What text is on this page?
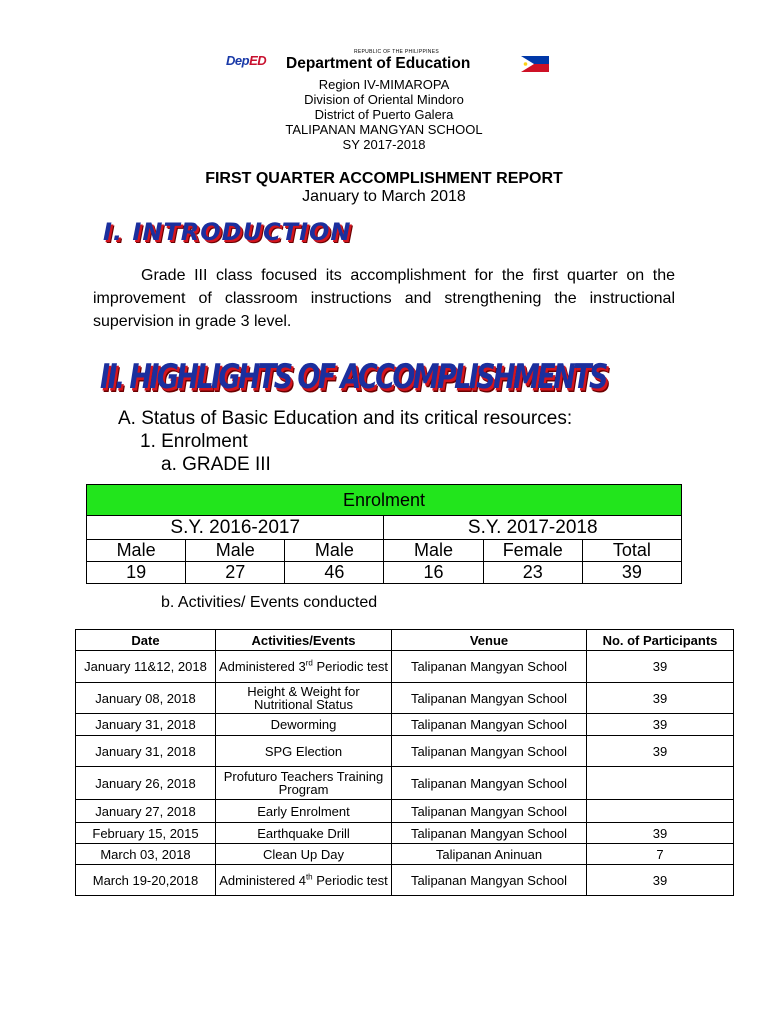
DepED
REPUBLIC OF THE PHILIPPINES
Department of Education
Region IV-MIMAROPA
Division of Oriental Mindoro
District of Puerto Galera
TALIPANAN MANGYAN SCHOOL
SY 2017-2018
FIRST QUARTER ACCOMPLISHMENT REPORT
January to March 2018
I. INTRODUCTION
Grade III class focused its accomplishment for the first quarter on the improvement of classroom instructions and strengthening the instructional supervision in grade 3 level.
II. HIGHLIGHTS OF ACCOMPLISHMENTS
A. Status of Basic Education and its critical resources:
1. Enrolment
a. GRADE III
Enrolment					
S.Y. 2016-2017			S.Y. 2017-2018		
Male	Male	Male	Male	Female	Total
19	27	46	16	23	39
b. Activities/ Events conducted
Date	Activities/Events	Venue	No. of Participants
January 11&12, 2018	Administered 3rd Periodic test	Talipanan Mangyan School	39
January 08, 2018	Height & Weight for Nutritional Status	Talipanan Mangyan School	39
January 31, 2018	Deworming	Talipanan Mangyan School	39
January 31, 2018	SPG Election	Talipanan Mangyan School	39
January 26, 2018	Profuturo Teachers Training Program	Talipanan Mangyan School	
January 27, 2018	Early Enrolment	Talipanan Mangyan School	
February 15, 2015	Earthquake Drill	Talipanan Mangyan School	39
March 03, 2018	Clean Up Day	Talipanan Aninuan	7
March 19-20,2018	Administered 4th Periodic test	Talipanan Mangyan School	39
